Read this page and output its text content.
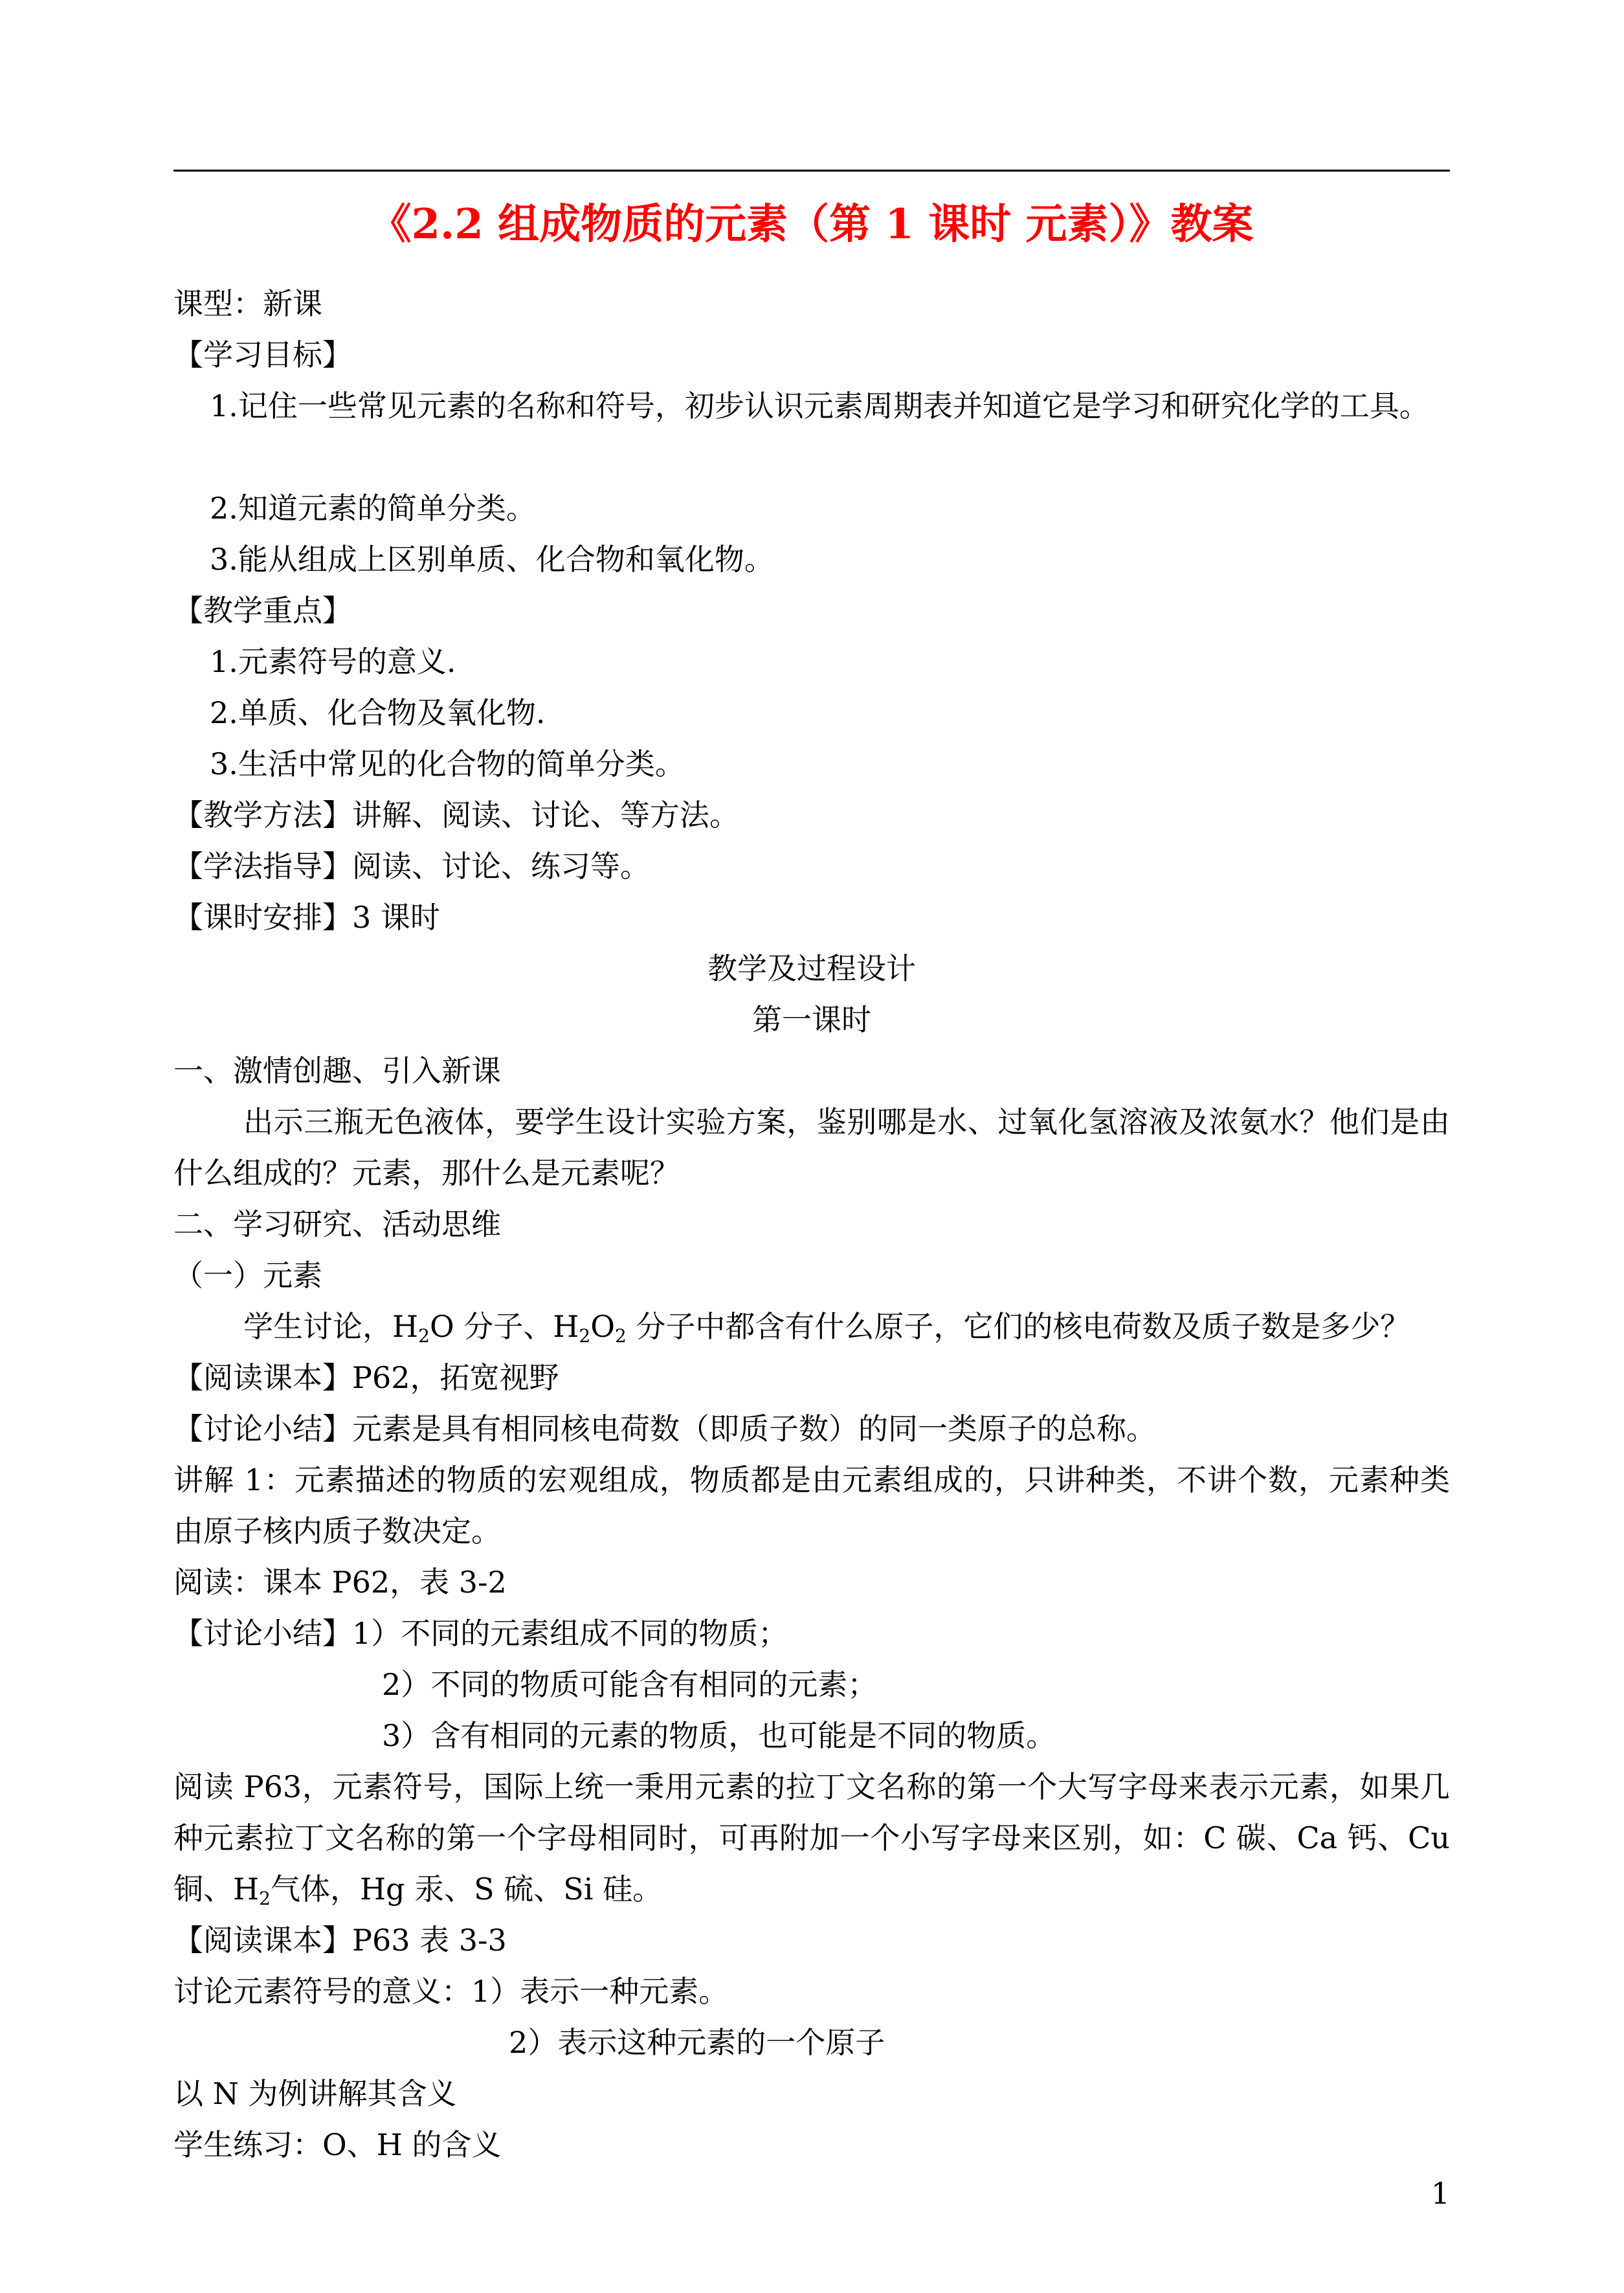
《2.2 组成物质的元素（第 1 课时 元素）》教案
课型：新课
【学习目标】
1.记住一些常见元素的名称和符号，初步认识元素周期表并知道它是学习和研究化学的工具。
2.知道元素的简单分类。
3.能从组成上区别单质、化合物和氧化物。
【教学重点】
1.元素符号的意义.
2.单质、化合物及氧化物.
3.生活中常见的化合物的简单分类。
【教学方法】讲解、阅读、讨论、等方法。
【学法指导】阅读、讨论、练习等。
【课时安排】3 课时
教学及过程设计
第一课时
一、激情创趣、引入新课
出示三瓶无色液体，要学生设计实验方案，鉴别哪是水、过氧化氢溶液及浓氨水？他们是由什么组成的？元素，那什么是元素呢？
二、学习研究、活动思维
（一）元素
学生讨论，$H_2O$ 分子、$H_2O_2$ 分子中都含有什么原子，它们的核电荷数及质子数是多少？
【阅读课本】P62，拓宽视野
【讨论小结】元素是具有相同核电荷数（即质子数）的同一类原子的总称。
讲解 1：元素描述的物质的宏观组成，物质都是由元素组成的，只讲种类，不讲个数，元素种类由原子核内质子数决定。
阅读：课本 P62，表 3-2
【讨论小结】1）不同的元素组成不同的物质；
2）不同的物质可能含有相同的元素；
3）含有相同的元素的物质，也可能是不同的物质。
阅读 P63，元素符号，国际上统一秉用元素的拉丁文名称的第一个大写字母来表示元素，如果几种元素拉丁文名称的第一个字母相同时，可再附加一个小写字母来区别，如：C 碳、Ca 钙、Cu 铜、$H_2$气体，Hg 汞、S 硫、Si 硅。
【阅读课本】P63 表 3-3
讨论元素符号的意义：1）表示一种元素。
2）表示这种元素的一个原子
以 N 为例讲解其含义
学生练习：O、H 的含义
1
